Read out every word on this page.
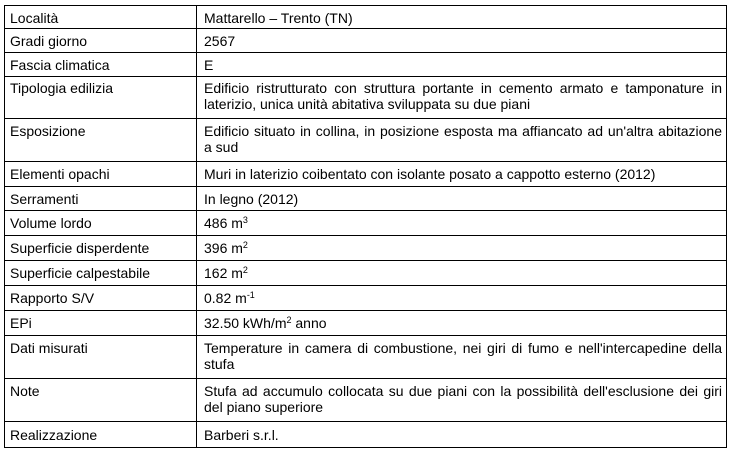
Località	Mattarello – Trento (TN)
Gradi giorno	2567
Fascia climatica	E
Tipologia edilizia	Edificio ristrutturato con struttura portante in cemento armato e tamponature in laterizio, unica unità abitativa sviluppata su due piani
Esposizione	Edificio situato in collina, in posizione esposta ma affiancato ad un'altra abitazione a sud
Elementi opachi	Muri in laterizio coibentato con isolante posato a cappotto esterno (2012)
Serramenti	In legno (2012)
Volume lordo	486 $m^3$
Superficie disperdente	396 $m^2$
Superficie calpestabile	162 $m^2$
Rapporto S/V	0.82 $m^{-1}$
EPi	32.50 kWh/$m^2$ anno
Dati misurati	Temperature in camera di combustione, nei giri di fumo e nell'intercapedine della stufa
Note	Stufa ad accumulo collocata su due piani con la possibilità dell'esclusione dei giri del piano superiore
Realizzazione	Barberi s.r.l.
